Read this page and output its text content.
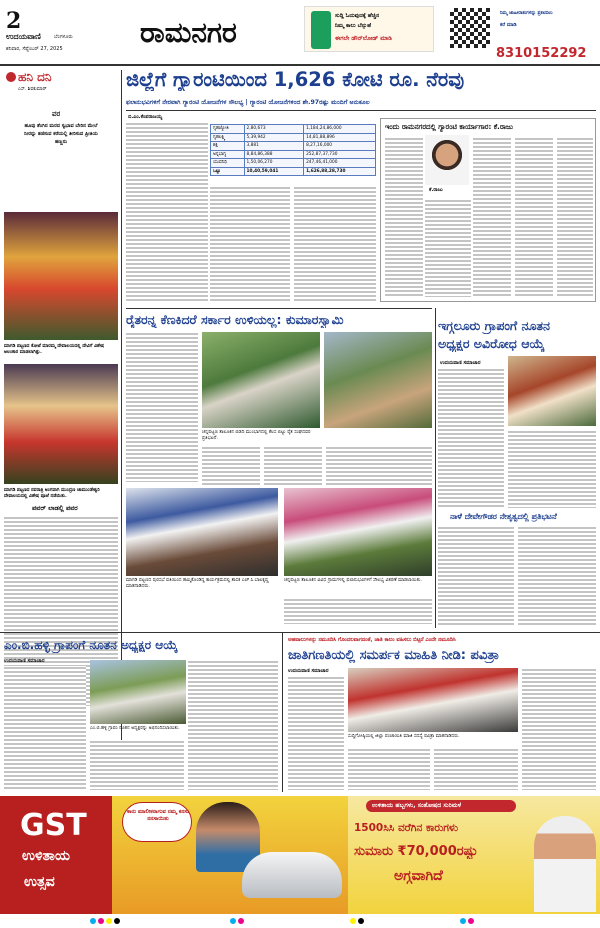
2
ಉದಯವಾಣಿ	ಬೆಂಗಳೂರು
ಶನಿವಾರ, ಸೆಪ್ಟೆಂಬರ್ 27, 2025	ರಾಮನಗರ	ಸುದ್ದಿ ಓದುವುದಕ್ಕೆ ಹೆಚ್ಚಿನ
ನಿಮ್ಮ ಕಾಲು ಬೆನ್ನುಹೆ
ಈಗಲೇ ಡೌನ್‌ಲೋಡ್ ಮಾಡಿ
ನಿಮ್ಮ ಜಾಹೀರಾತುಗಳನ್ನು ಪ್ರಕಟಿಸಲು
ಕರೆ ಮಾಡಿ
8310152292
ಹನಿ ದನಿ
ಎಸ್. ಶಿವಕುಮಾರ್
ವರ
ಹೂವು ತೆಂಗಿನ ಮರದ ಸ್ವಭಾವ ಬೇರಿನ ಮೇಲೆ ನೀರನ್ನು ತಣಿಸುವ ಕರೆಯಲ್ಲಿ ತೀರಿಸುವ ಪ್ರೀತಿಯ ಹಣ್ಣನು
ಮಾಗಡಿ ಪಟ್ಟಣದ ಕೋಟೆ ಮಾರಮ್ಮ ದೇವಾಲಯದಲ್ಲಿ ದೇವಿಗೆ ವಿಶೇಷ ಅಲಂಕಾರ ಮಾಡಲಾಗಿತ್ತು.
ಮಾಗಡಿ ಪಟ್ಟಣದ ನವರಾತ್ರಿ ಅಂಗವಾಗಿ ಮುಂದ್ರಣ ಚಾಮುಂಡೇಶ್ವರಿ ದೇವಾಲಯದಲ್ಲಿ ವಿಶೇಷ ಪೂಜೆ ನಡೆಯಿತು.
ಪವರ್ ಲಾಡಲ್ಲಿ ಪವರ
ಜಿಲ್ಲೆಗೆ ಗ್ಯಾರಂಟಿಯಿಂದ 1,626 ಕೋಟಿ ರೂ. ನೆರವು
ಫಲಾನುಭವಿಗಳಿಗೆ ನೇರವಾಗಿ ಗ್ಯಾರಂಟಿ ಯೋಜನೆಗಳ ಸೌಲಭ್ಯ | ಗ್ಯಾರಂಟಿ ಯೋಜನೆಗಳಿಂದ ಶೇ.97ರಷ್ಟು ಮಂದಿಗೆ ಅನುಕೂಲ
ಬಿ.ಎಂ.ಕೆಂಪರಾಜಯ್ಯ
ಗೃಹಜ್ಯೋತಿ	2,80,673	1,184,24,86,000
ಗೃಹಲಕ್ಷ್ಮಿ	5,39,942	14,81,88,896
ಶಕ್ತಿ	3,881	8,27,16,000
ಅನ್ನಭಾಗ್ಯ	8,84,86,388	252,87,37,730
ಯುವನಿಧಿ	1,50,06,270	247,46,41,000
ಒಟ್ಟು	10,40,59,041	1,626,88,28,730
ಇಂದು ರಾಮನಗರದಲ್ಲಿ ಗ್ಯಾರಂಟಿ ಕಾರ್ಯಾಗಾರ: ಕೆ.ರಾಜು
ಕೆ.ರಾಜು
ರೈತರನ್ನ ಕೆಣಕಿದರೆ ಸರ್ಕಾರ ಉಳಿಯಲ್ಲ: ಕುಮಾರಸ್ವಾಮಿ
ಚನ್ನಪಟ್ಟಣ ತಾಲೂಕಿನ ಬಿಡದಿ ಮುಂಭಾಗದಲ್ಲಿ ಕೆಲಸ ಬಿಟ್ಟು ರೈತ ಸಂಘದವರ ಪ್ರತಿಭಟನೆ.
ಮಾಗಡಿ ಪಟ್ಟಣದ ಪುರಸಭೆ ವತಿಯಿಂದ ಹಮ್ಮಿಕೊಂಡಿದ್ದ ಕಾರ್ಯಕ್ರಮದಲ್ಲಿ ಶಾಸಕ ಎಚ್.ಸಿ.ಬಾಲಕೃಷ್ಣ ಮಾತನಾಡಿದರು.
ಚನ್ನಪಟ್ಟಣ ತಾಲೂಕಿನ ವಿವಿಧ ಗ್ರಾಮಗಳಲ್ಲಿ ಫಲಾನುಭವಿಗಳಿಗೆ ಸೌಲಭ್ಯ ವಿತರಣೆ ಮಾಡಲಾಯಿತು.
ಇಗ್ಗಲೂರು ಗ್ರಾಪಂಗೆ ನೂತನ
ಅಧ್ಯಕ್ಷರ ಅವಿರೋಧ ಆಯ್ಕೆ
ಉದಯವಾಣಿ ಸಮಾಚಾರ
ನಾಳೆ ದೇವೇಗೌಡರ ನೇತೃತ್ವದಲ್ಲಿ ಪ್ರತಿಭಟನೆ
ಎಂ.ಬಿ.ಹಳ್ಳಿ ಗ್ರಾಪಂಗೆ ನೂತನ ಅಧ್ಯಕ್ಷರ ಆಯ್ಕೆ
ಉದಯವಾಣಿ ಸಮಾಚಾರ
ಎಂ.ಬಿ.ಹಳ್ಳಿ ಗ್ರಾಪಂ ನೂತನ ಅಧ್ಯಕ್ಷರನ್ನು ಅಭಿನಂದಿಸಲಾಯಿತು.
ಅಹವಾಲುಗಳನ್ನು ನಮೂದಿಸಿ ಗೊಂದಲವಾಗದಂತೆ, ಜಾತಿ ಕಾಲಂ ವಹಿಸಲು ಬಿಟ್ಟರೆ ಎಂದೇ ನಮೂದಿಸಿ
ಜಾತಿಗಣತಿಯಲ್ಲಿ ಸಮರ್ಪಕ ಮಾಹಿತಿ ನೀಡಿ: ಪವಿತ್ರಾ
ಉದಯವಾಣಿ ಸಮಾಚಾರ
ಸುದ್ದಿಗೋಷ್ಠಿಯಲ್ಲಿ ಜಿಲ್ಲಾ ಪಂಚಾಯಿತಿ ಮಾಜಿ ಸದಸ್ಯೆ ಪವಿತ್ರಾ ಮಾತನಾಡಿದರು.
GST
ಉಳಿತಾಯ
ಉತ್ಸವ
ಕಾರು ಮಾಲೀಕರಾಗುವ ನಮ್ಮ ಕನಸು ನನಸಾಯಿತು
ಉಳಿತಾಯ ಹಬ್ಬಗಳು, ಸಂತೋಷದ ಸುರಿಮಳೆ
1500ಸಿಸಿ ವರೆಗಿನ ಕಾರುಗಳು
ಸುಮಾರು ₹70,000ರಷ್ಟು
ಅಗ್ಗವಾಗಿದೆ
